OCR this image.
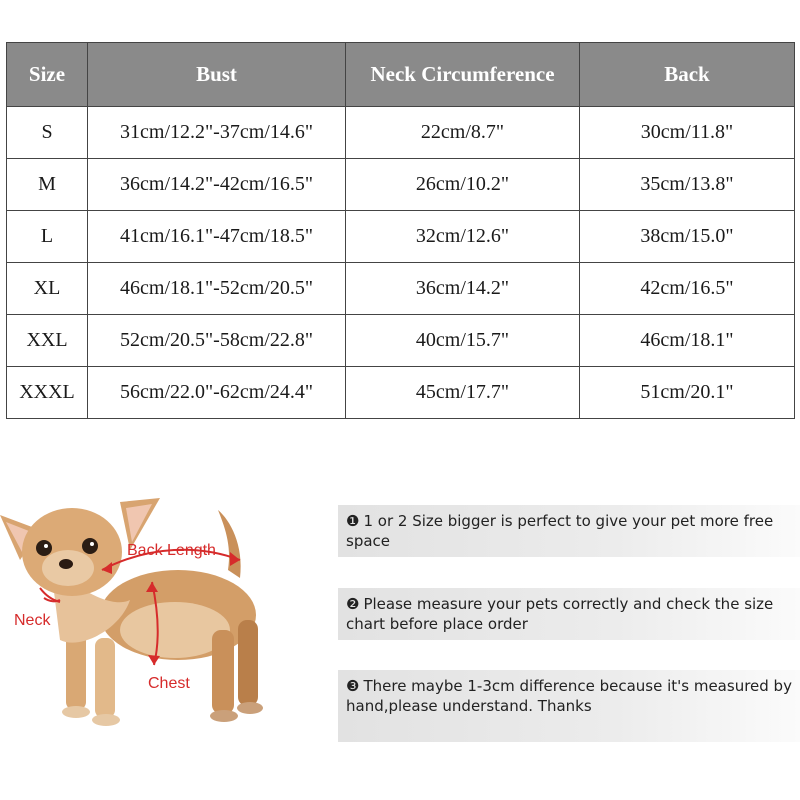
Size	Bust	Neck Circumference	Back
S	31cm/12.2"-37cm/14.6"	22cm/8.7"	30cm/11.8"
M	36cm/14.2"-42cm/16.5"	26cm/10.2"	35cm/13.8"
L	41cm/16.1"-47cm/18.5"	32cm/12.6"	38cm/15.0"
XL	46cm/18.1"-52cm/20.5"	36cm/14.2"	42cm/16.5"
XXL	52cm/20.5"-58cm/22.8"	40cm/15.7"	46cm/18.1"
XXXL	56cm/22.0"-62cm/24.4"	45cm/17.7"	51cm/20.1"
Back Length
Neck
Chest
❶ 1 or 2 Size bigger is perfect to give your pet more free space
❷ Please measure your pets correctly and check the size chart before place order
❸ There maybe 1-3cm difference because it's measured by hand,please understand. Thanks
